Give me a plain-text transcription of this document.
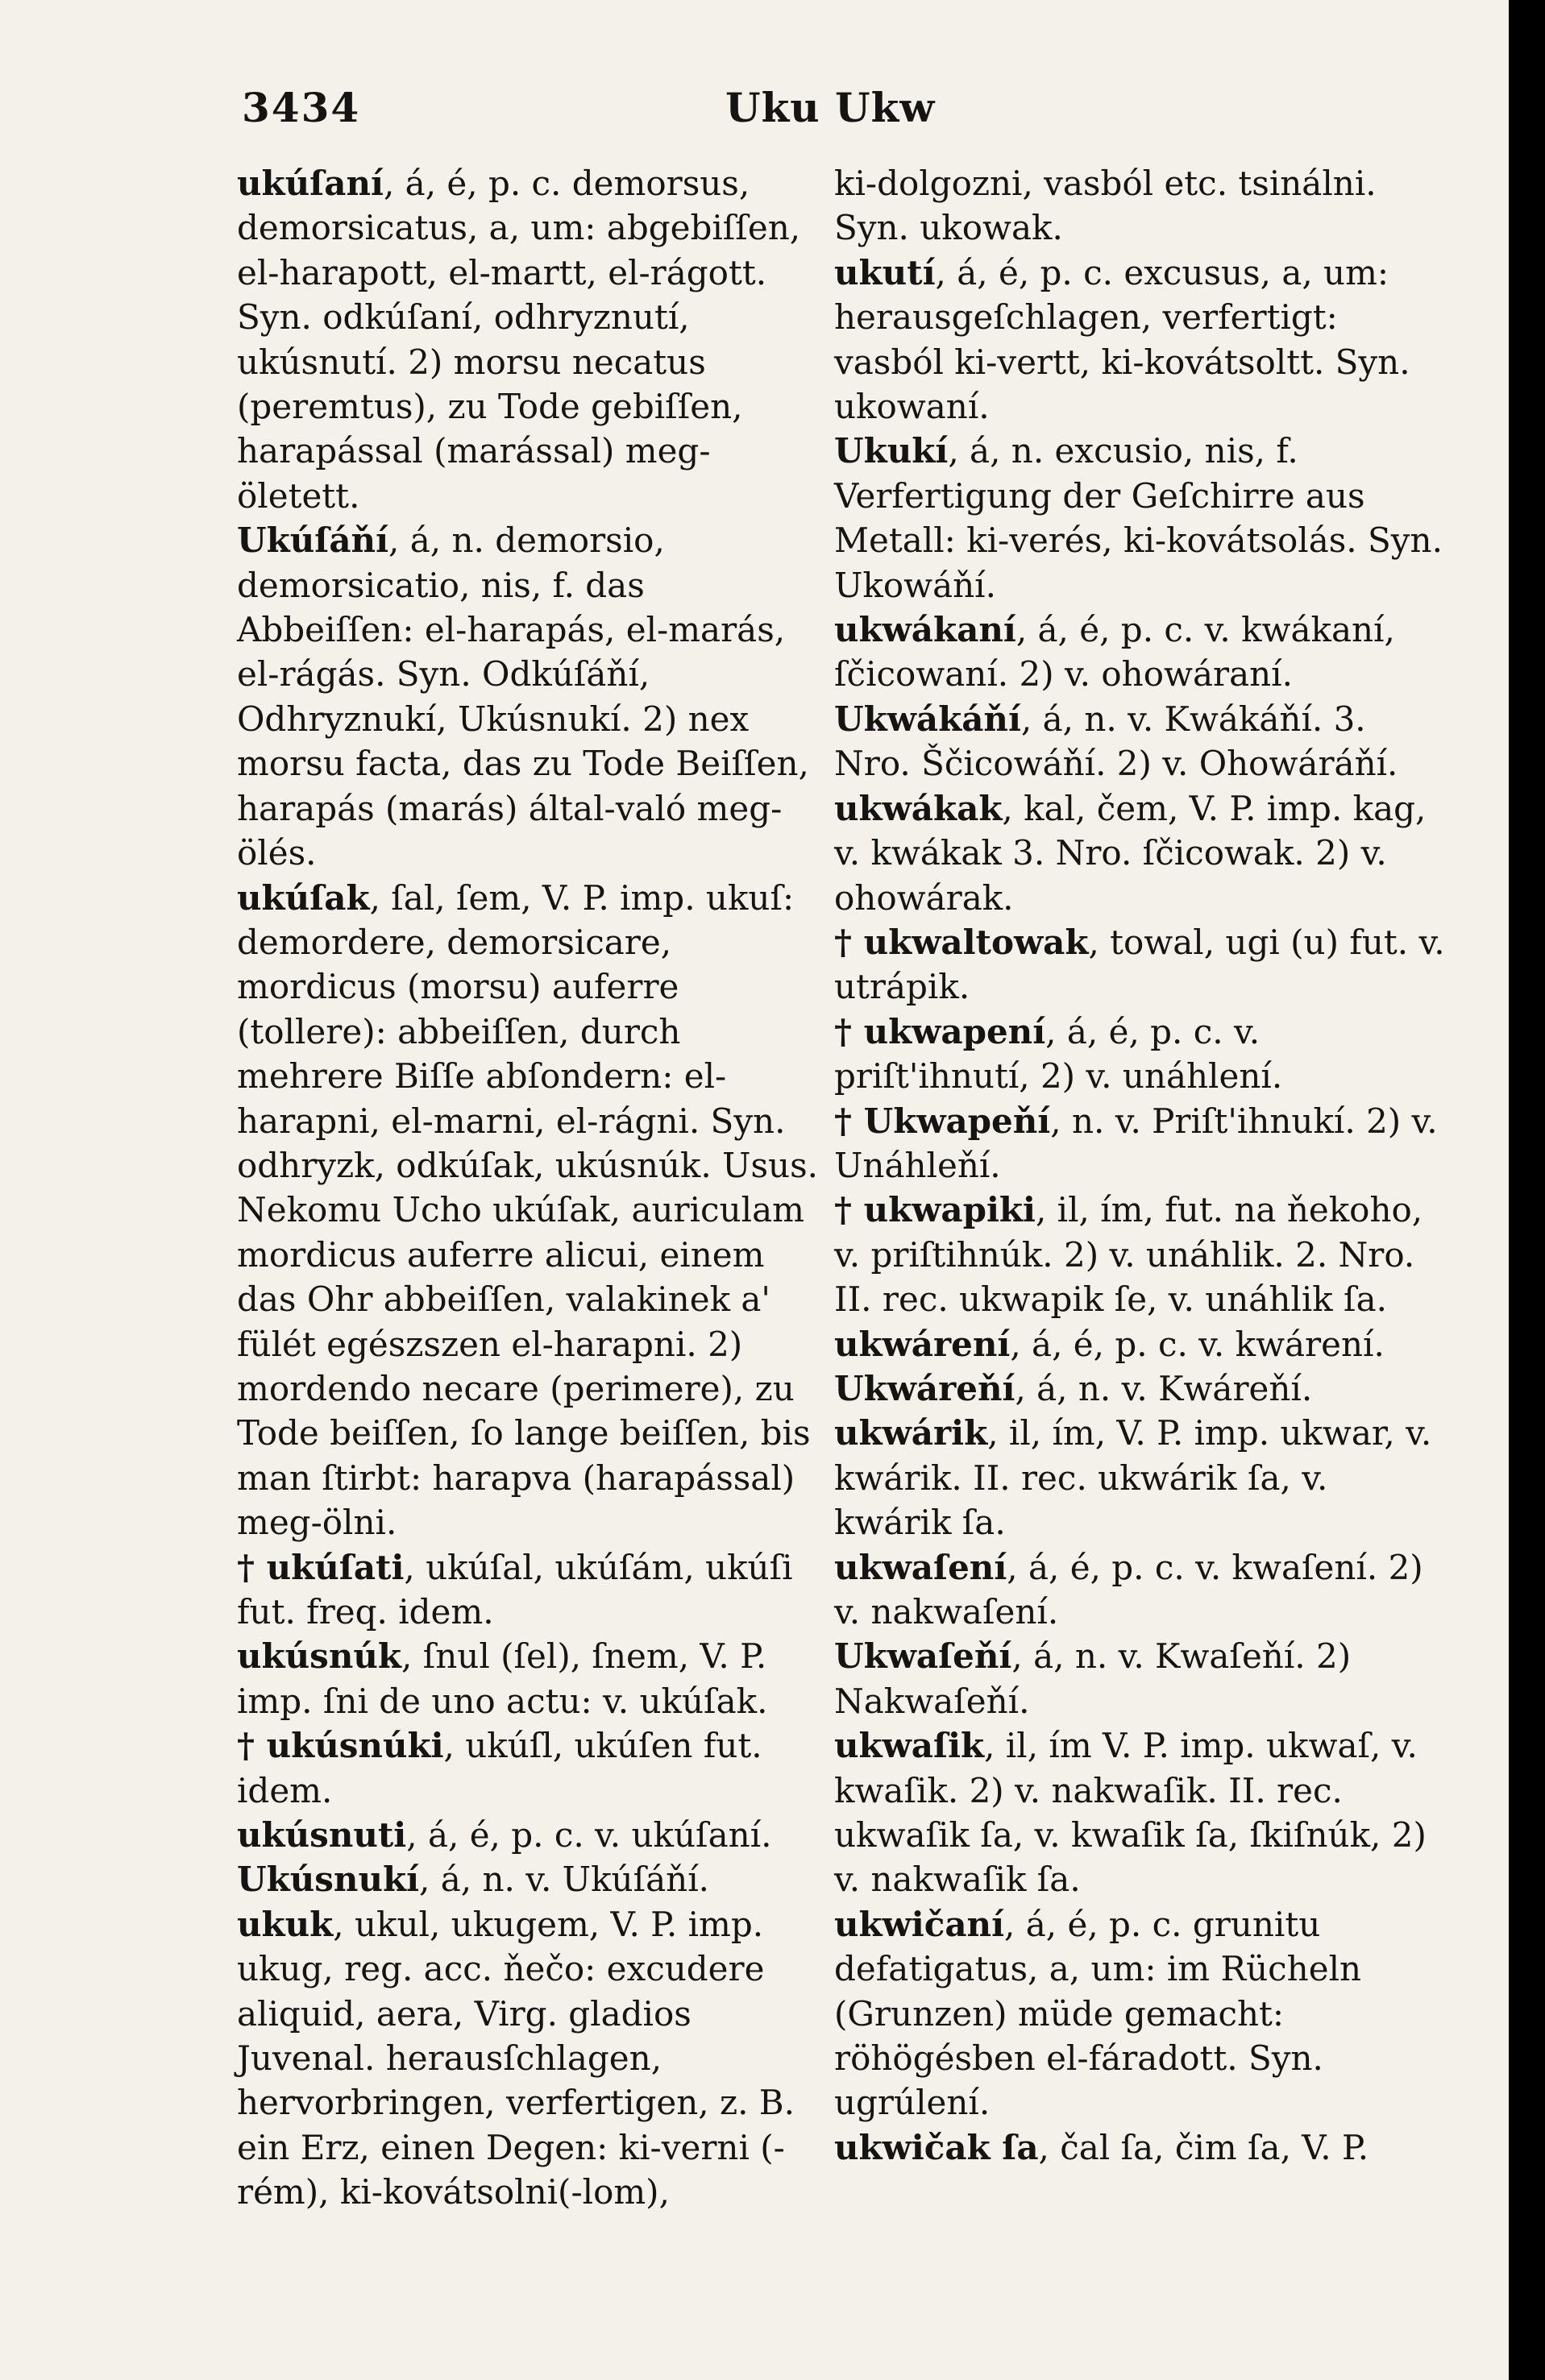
3434	Uku Ukw

ukúſaní, á, é, p. c. demorsus, demorsicatus, a, um: abgebiſſen, el-harapott, el-martt, el-rágott. Syn. odkúſaní, odhryznutí, ukúsnutí. 2) morsu necatus (peremtus), zu Tode gebiſſen, harapással (marással) meg-öletett.

Ukúſáňí, á, n. demorsio, demorsicatio, nis, f. das Abbeiſſen: el-harapás, el-marás, el-rágás. Syn. Odkúſáňí, Odhryznukí, Ukúsnukí. 2) nex morsu facta, das zu Tode Beiſſen, harapás (marás) által-való meg-ölés.

ukúſak, ſal, ſem, V. P. imp. ukuſ: demordere, demorsicare, mordicus (morsu) auferre (tollere): abbeiſſen, durch mehrere Biſſe abſondern: el-harapni, el-marni, el-rágni. Syn. odhryzk, odkúſak, ukúsnúk. Usus. Nekomu Ucho ukúſak, auriculam mordicus auferre alicui, einem das Ohr abbeiſſen, valakinek a' fülét egészszen el-harapni. 2) mordendo necare (perimere), zu Tode beiſſen, ſo lange beiſſen, bis man ſtirbt: harapva (harapással) meg-ölni.

† ukúſati, ukúſal, ukúſám, ukúſi fut. freq. idem.

ukúsnúk, ſnul (ſel), ſnem, V. P. imp. ſni de uno actu: v. ukúſak.

† ukúsnúki, ukúſl, ukúſen fut. idem.

ukúsnuti, á, é, p. c. v. ukúſaní.

Ukúsnukí, á, n. v. Ukúſáňí.

ukuk, ukul, ukugem, V. P. imp. ukug, reg. acc. ňečo: excudere aliquid, aera, Virg. gladios Juvenal. herausſchlagen, hervorbringen, verfertigen, z. B. ein Erz, einen Degen: ki-verni (-rém), ki-kovátsolni(-lom),

ki-dolgozni, vasból etc. tsinálni. Syn. ukowak.

ukutí, á, é, p. c. excusus, a, um: herausgeſchlagen, verfertigt: vasból ki-vertt, ki-kovátsoltt. Syn. ukowaní.

Ukukí, á, n. excusio, nis, f. Verfertigung der Geſchirre aus Metall: ki-verés, ki-kovátsolás. Syn. Ukowáňí.

ukwákaní, á, é, p. c. v. kwákaní, ſčicowaní. 2) v. ohowáraní.

Ukwákáňí, á, n. v. Kwákáňí. 3. Nro. Ščicowáňí. 2) v. Ohowáráňí.

ukwákak, kal, čem, V. P. imp. kag, v. kwákak 3. Nro. ſčicowak. 2) v. ohowárak.

† ukwaltowak, towal, ugi (u) fut. v. utrápik.

† ukwapení, á, é, p. c. v. priſt'ihnutí, 2) v. unáhlení.

† Ukwapeňí, n. v. Priſt'ihnukí. 2) v. Unáhleňí.

† ukwapiki, il, ím, fut. na ňekoho, v. priſtihnúk. 2) v. unáhlik. 2. Nro. II. rec. ukwapik ſe, v. unáhlik ſa.

ukwárení, á, é, p. c. v. kwárení.

Ukwáreňí, á, n. v. Kwáreňí.

ukwárik, il, ím, V. P. imp. ukwar, v. kwárik. II. rec. ukwárik ſa, v. kwárik ſa.

ukwaſení, á, é, p. c. v. kwaſení. 2) v. nakwaſení.

Ukwaſeňí, á, n. v. Kwaſeňí. 2) Nakwaſeňí.

ukwaſik, il, ím V. P. imp. ukwaſ, v. kwaſik. 2) v. nakwaſik. II. rec. ukwaſik ſa, v. kwaſik ſa, ſkiſnúk, 2) v. nakwaſik ſa.

ukwičaní, á, é, p. c. grunitu defatigatus, a, um: im Rücheln (Grunzen) müde gemacht: röhögésben el-fáradott. Syn. ugrúlení.

ukwičak ſa, čal ſa, čim ſa, V. P.
